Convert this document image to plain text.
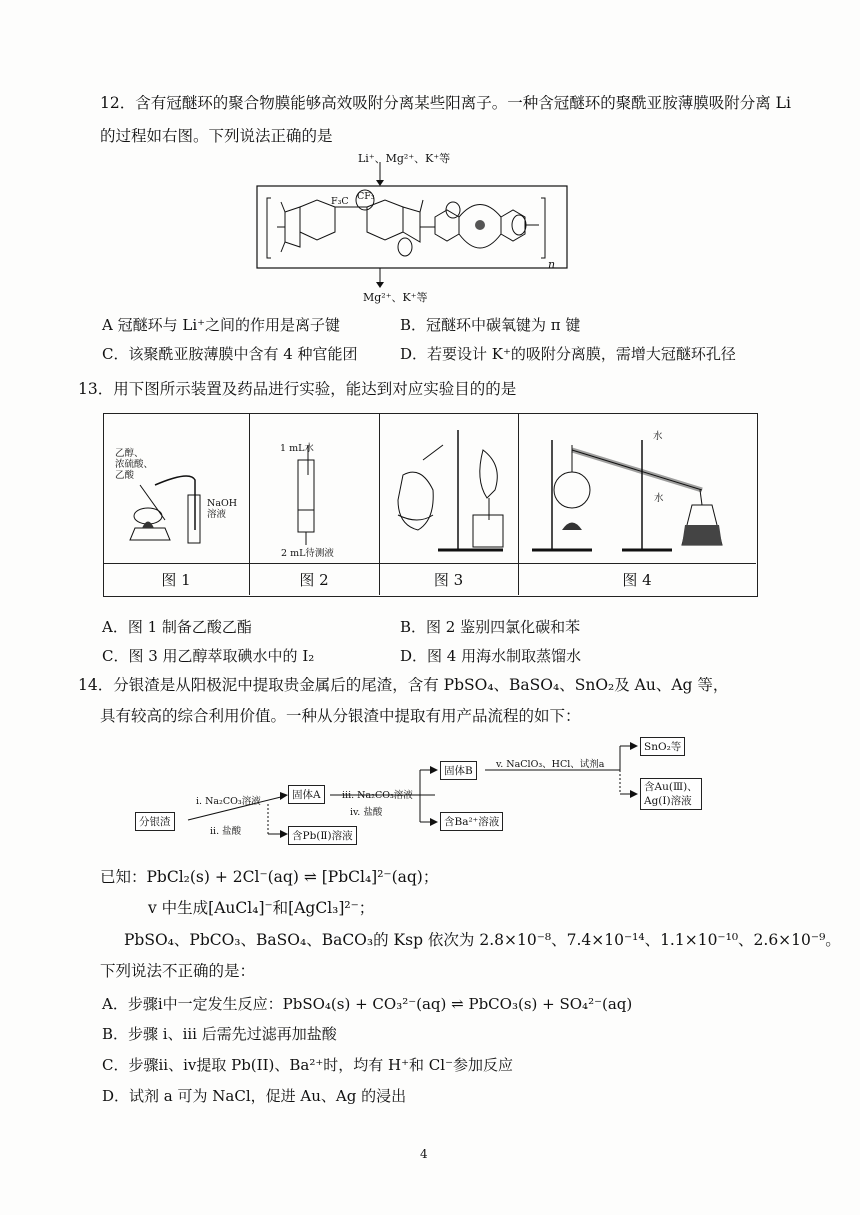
12．含有冠醚环的聚合物膜能够高效吸附分离某些阳离子。一种含冠醚环的聚酰亚胺薄膜吸附分离 Li
的过程如右图。下列说法正确的是
Li⁺、Mg²⁺、K⁺等
Mg²⁺、K⁺等
CF₃
F₃C
n
A 冠醚环与 Li⁺之间的作用是离子键	B．冠醚环中碳氧键为 π 键
C．该聚酰亚胺薄膜中含有 4 种官能团	D．若要设计 K⁺的吸附分离膜，需增大冠醚环孔径
13．用下图所示装置及药品进行实验，能达到对应实验目的的是
乙醇、
浓硫酸、
乙酸
NaOH
溶液
1 mL水
2 mL待测液
水
水
图 1	图 2	图 3	图 4
A．图 1 制备乙酸乙酯	B．图 2 鉴别四氯化碳和苯
C．图 3 用乙醇萃取碘水中的 I₂	D．图 4 用海水制取蒸馏水
14．分银渣是从阳极泥中提取贵金属后的尾渣，含有 PbSO₄、BaSO₄、SnO₂及 Au、Ag 等，
具有较高的综合利用价值。一种从分银渣中提取有用产品流程的如下：
分银渣
i. Na₂CO₃溶液
ii. 盐酸
固体A
含Pb(Ⅱ)溶液
iii. Na₂CO₃溶液
iv. 盐酸
固体B
含Ba²⁺溶液
v. NaClO₃、HCl、试剂a
SnO₂等
含Au(Ⅲ)、
Ag(Ⅰ)溶液
已知：PbCl₂(s) + 2Cl⁻(aq) ⇌ [PbCl₄]²⁻(aq)；
v 中生成[AuCl₄]⁻和[AgCl₃]²⁻；
PbSO₄、PbCO₃、BaSO₄、BaCO₃的 Ksp 依次为 2.8×10⁻⁸、7.4×10⁻¹⁴、1.1×10⁻¹⁰、2.6×10⁻⁹。
下列说法不正确的是：
A．步骤i中一定发生反应：PbSO₄(s) + CO₃²⁻(aq) ⇌ PbCO₃(s) + SO₄²⁻(aq)
B．步骤 i、iii 后需先过滤再加盐酸
C．步骤ii、iv提取 Pb(II)、Ba²⁺时，均有 H⁺和 Cl⁻参加反应
D．试剂 a 可为 NaCl，促进 Au、Ag 的浸出
4
